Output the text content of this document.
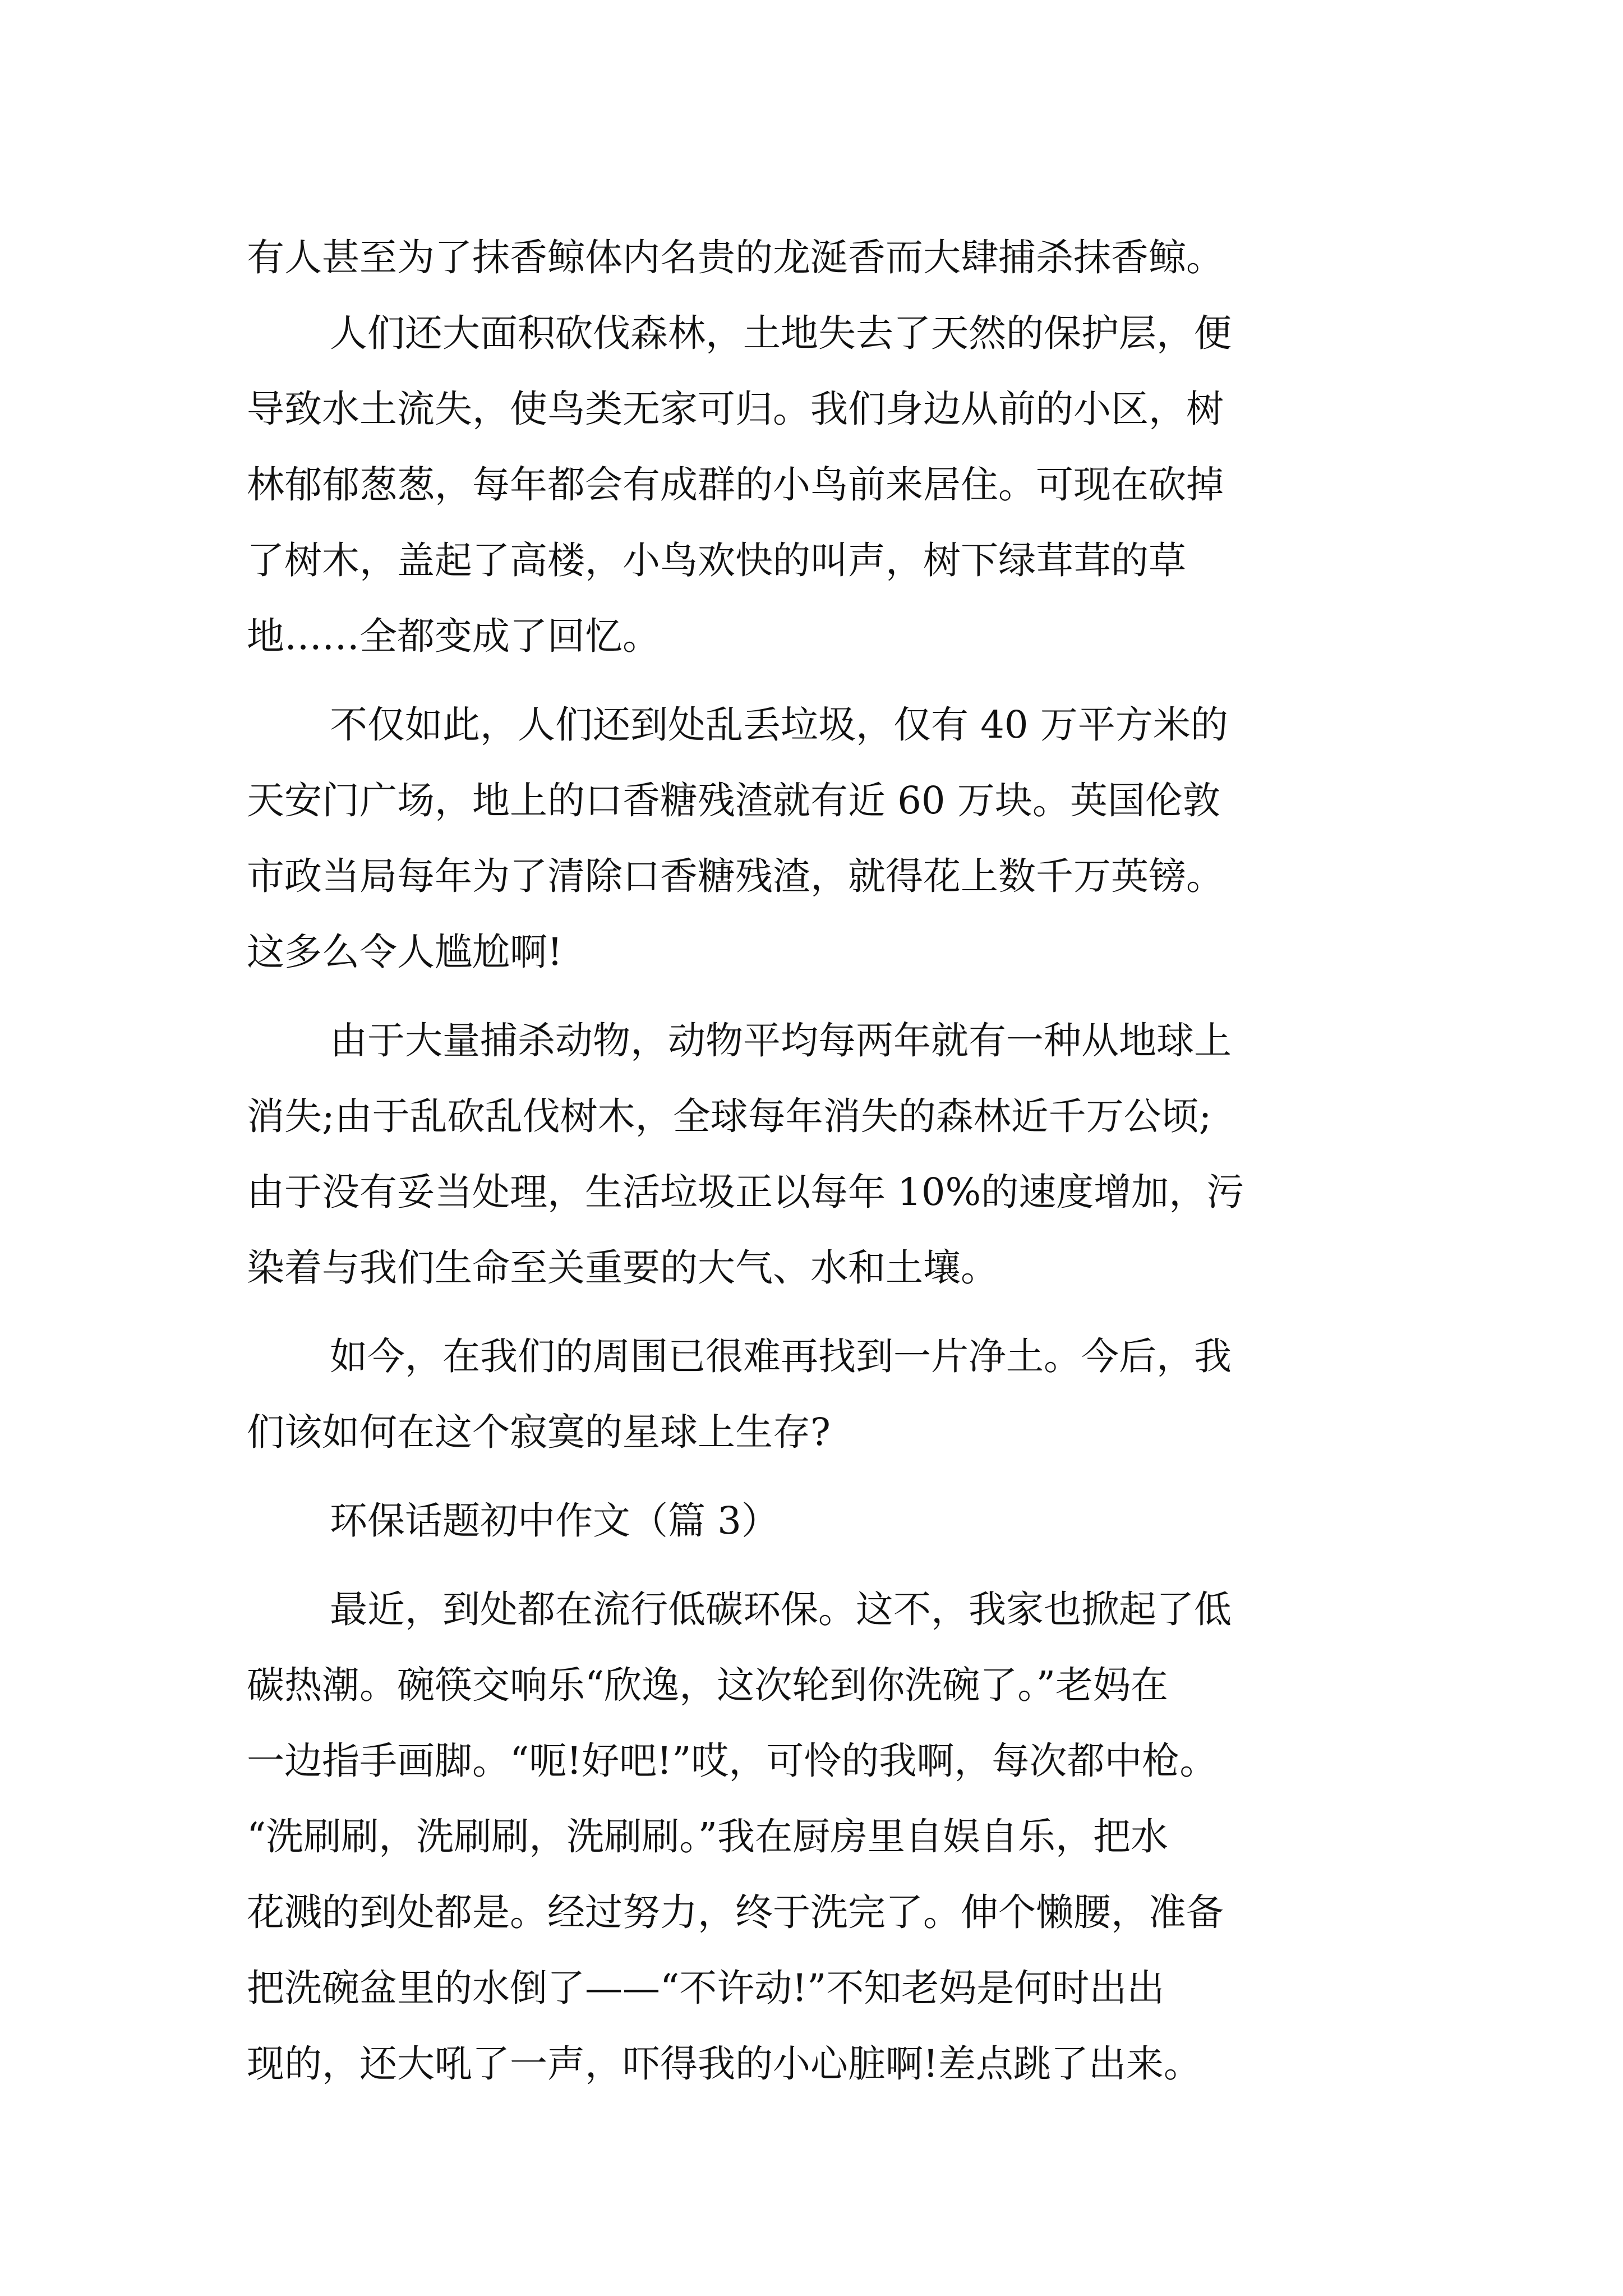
有人甚至为了抹香鲸体内名贵的龙涎香而大肆捕杀抹香鲸。
人们还大面积砍伐森林，土地失去了天然的保护层，便
导致水土流失，使鸟类无家可归。我们身边从前的小区，树
林郁郁葱葱，每年都会有成群的小鸟前来居住。可现在砍掉
了树木，盖起了高楼，小鸟欢快的叫声，树下绿茸茸的草
地……全都变成了回忆。
不仅如此，人们还到处乱丢垃圾，仅有 40 万平方米的
天安门广场，地上的口香糖残渣就有近 60 万块。英国伦敦
市政当局每年为了清除口香糖残渣，就得花上数千万英镑。
这多么令人尴尬啊!
由于大量捕杀动物，动物平均每两年就有一种从地球上
消失;由于乱砍乱伐树木，全球每年消失的森林近千万公顷;
由于没有妥当处理，生活垃圾正以每年 10%的速度增加，污
染着与我们生命至关重要的大气、水和土壤。
如今，在我们的周围已很难再找到一片净土。今后，我
们该如何在这个寂寞的星球上生存?
环保话题初中作文（篇 3）
最近，到处都在流行低碳环保。这不，我家也掀起了低
碳热潮。碗筷交响乐“欣逸，这次轮到你洗碗了。”老妈在
一边指手画脚。“呃!好吧!”哎，可怜的我啊，每次都中枪。
“洗刷刷，洗刷刷，洗刷刷。”我在厨房里自娱自乐，把水
花溅的到处都是。经过努力，终于洗完了。伸个懒腰，准备
把洗碗盆里的水倒了——“不许动!”不知老妈是何时出出
现的，还大吼了一声，吓得我的小心脏啊!差点跳了出来。
